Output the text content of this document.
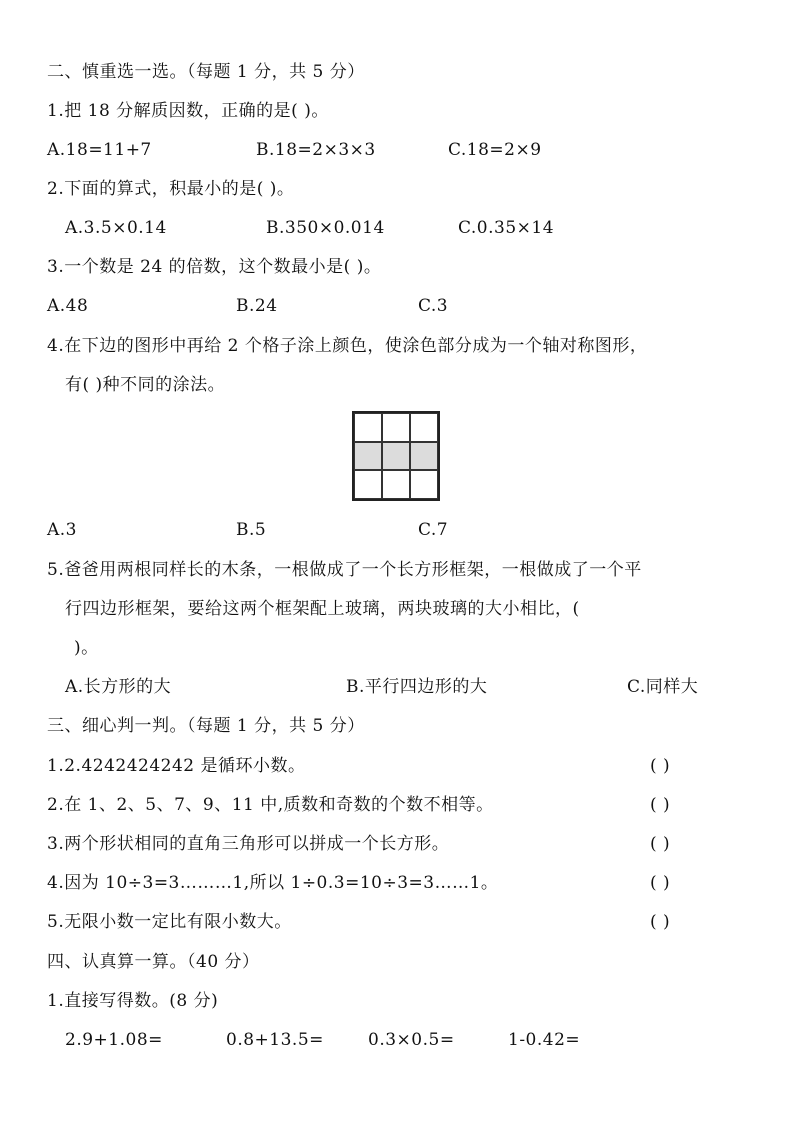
二、慎重选一选。（每题 1 分，共 5 分）
1.把 18 分解质因数，正确的是( )。
A.18=11+7	B.18=2×3×3	C.18=2×9
2.下面的算式，积最小的是( )。
A.3.5×0.14	B.350×0.014	C.0.35×14
3.一个数是 24 的倍数，这个数最小是( )。
A.48	B.24	C.3
4.在下边的图形中再给 2 个格子涂上颜色，使涂色部分成为一个轴对称图形，
有( )种不同的涂法。
A.3	B.5	C.7
5.爸爸用两根同样长的木条，一根做成了一个长方形框架，一根做成了一个平
行四边形框架，要给这两个框架配上玻璃，两块玻璃的大小相比，(
)。
A.长方形的大	B.平行四边形的大	C.同样大
三、细心判一判。（每题 1 分，共 5 分）
1.2.4242424242 是循环小数。	( )
2.在 1、2、5、7、9、11 中,质数和奇数的个数不相等。	( )
3.两个形状相同的直角三角形可以拼成一个长方形。	( )
4.因为 10÷3=3………1,所以 1÷0.3=10÷3=3……1。	( )
5.无限小数一定比有限小数大。	( )
四、认真算一算。（40 分）
1.直接写得数。(8 分)
2.9+1.08=	0.8+13.5=	0.3×0.5=	1-0.42=
